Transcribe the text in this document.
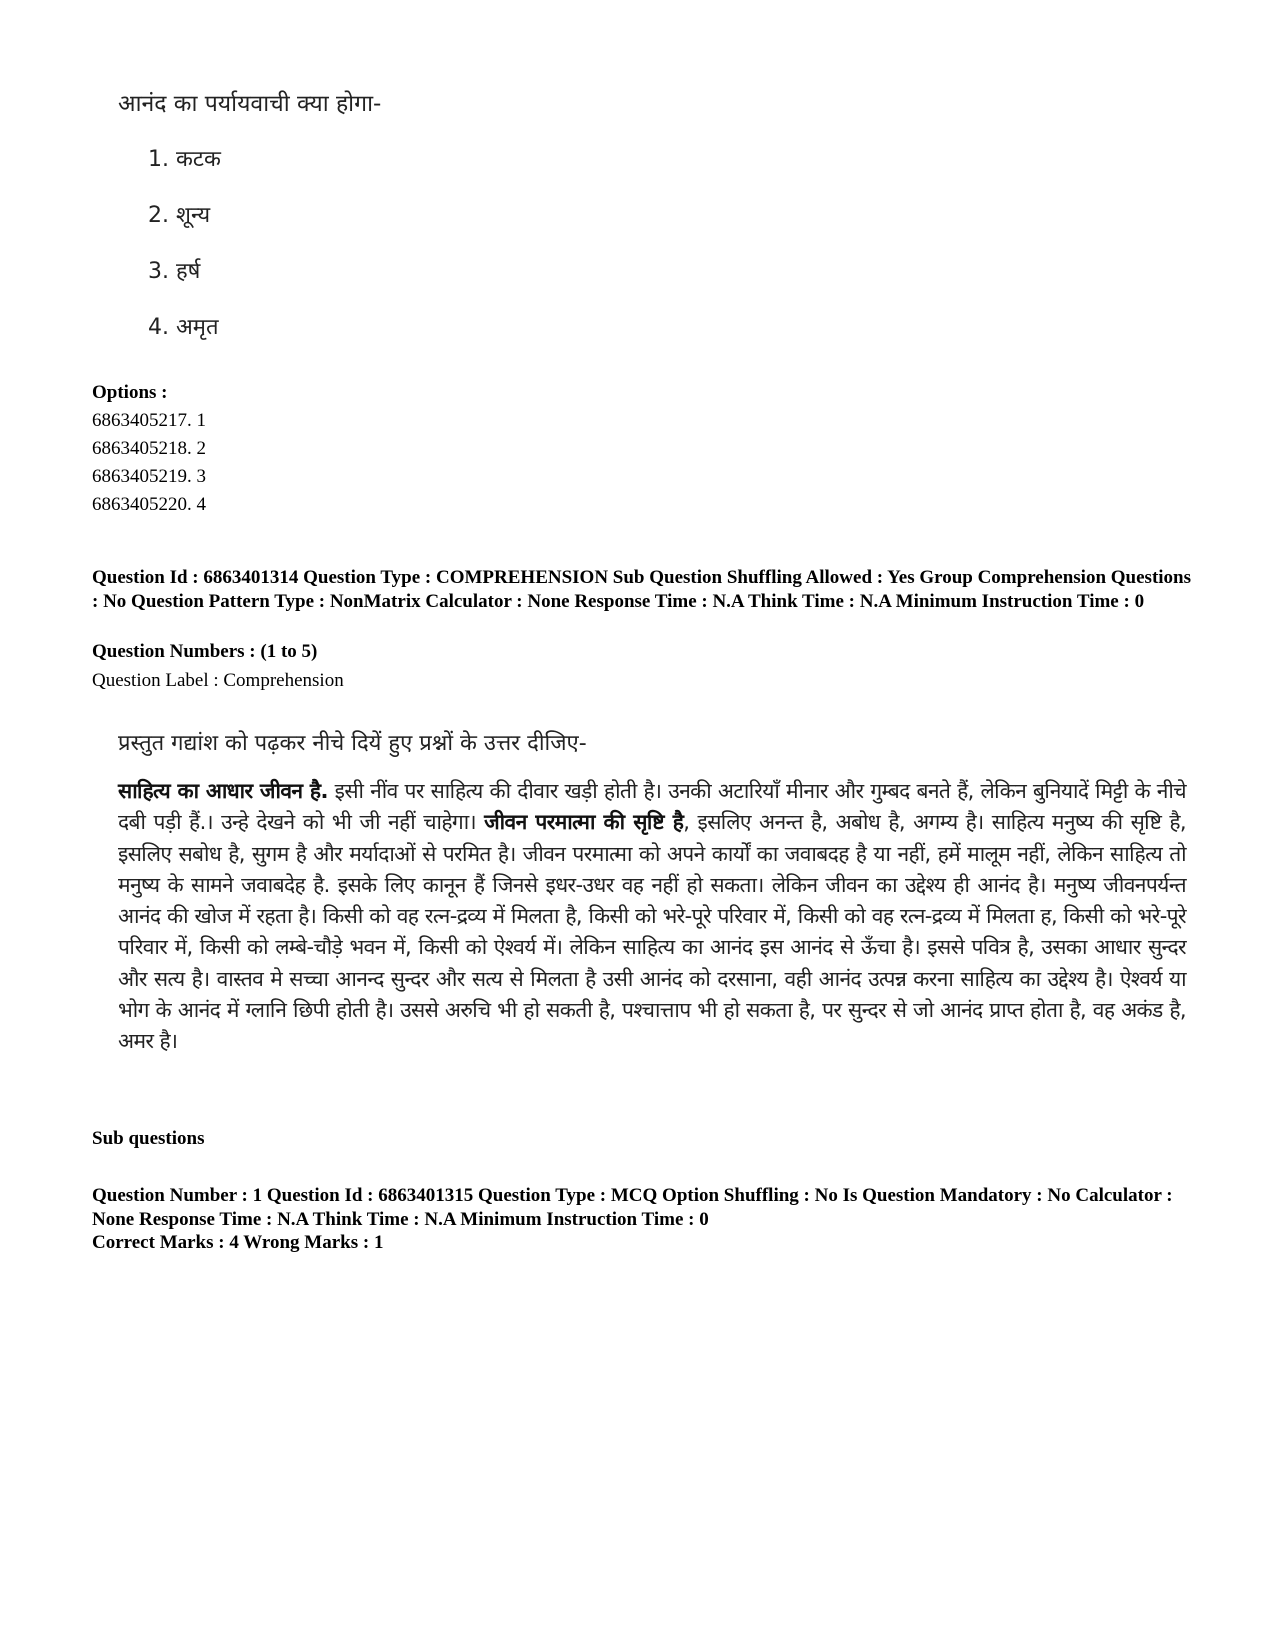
आनंद का पर्यायवाची क्या होगा-
1. कटक
2. शून्य
3. हर्ष
4. अमृत
Options :
6863405217. 1
6863405218. 2
6863405219. 3
6863405220. 4
Question Id : 6863401314 Question Type : COMPREHENSION Sub Question Shuffling Allowed : Yes Group Comprehension Questions : No Question Pattern Type : NonMatrix Calculator : None Response Time : N.A Think Time : N.A Minimum Instruction Time : 0
Question Numbers : (1 to 5)
Question Label : Comprehension
प्रस्तुत गद्यांश को पढ़कर नीचे दियें हुए प्रश्नों के उत्तर दीजिए-
साहित्य का आधार जीवन है. इसी नींव पर साहित्य की दीवार खड़ी होती है। उनकी अटारियाँ मीनार और गुम्बद बनते हैं, लेकिन बुनियादें मिट्टी के नीचे दबी पड़ी हैं.। उन्हे देखने को भी जी नहीं चाहेगा। जीवन परमात्मा की सृष्टि है, इसलिए अनन्त है, अबोध है, अगम्य है। साहित्य मनुष्य की सृष्टि है, इसलिए सबोध है, सुगम है और मर्यादाओं से परमित है। जीवन परमात्मा को अपने कार्यों का जवाबदह है या नहीं, हमें मालूम नहीं, लेकिन साहित्य तो मनुष्य के सामने जवाबदेह है. इसके लिए कानून हैं जिनसे इधर-उधर वह नहीं हो सकता। लेकिन जीवन का उद्देश्य ही आनंद है। मनुष्य जीवनपर्यन्त आनंद की खोज में रहता है। किसी को वह रत्न-द्रव्य में मिलता है, किसी को भरे-पूरे परिवार में, किसी को वह रत्न-द्रव्य में मिलता ह, किसी को भरे-पूरे परिवार में, किसी को लम्बे-चौड़े भवन में, किसी को ऐश्वर्य में। लेकिन साहित्य का आनंद इस आनंद से ऊँचा है। इससे पवित्र है, उसका आधार सुन्दर और सत्य है। वास्तव मे सच्चा आनन्द सुन्दर और सत्य से मिलता है उसी आनंद को दरसाना, वही आनंद उत्पन्न करना साहित्य का उद्देश्य है। ऐश्वर्य या भोग के आनंद में ग्लानि छिपी होती है। उससे अरुचि भी हो सकती है, पश्चात्ताप भी हो सकता है, पर सुन्दर से जो आनंद प्राप्त होता है, वह अकंड है, अमर है।
Sub questions
Question Number : 1 Question Id : 6863401315 Question Type : MCQ Option Shuffling : No Is Question Mandatory : No Calculator : None Response Time : N.A Think Time : N.A Minimum Instruction Time : 0
Correct Marks : 4 Wrong Marks : 1
